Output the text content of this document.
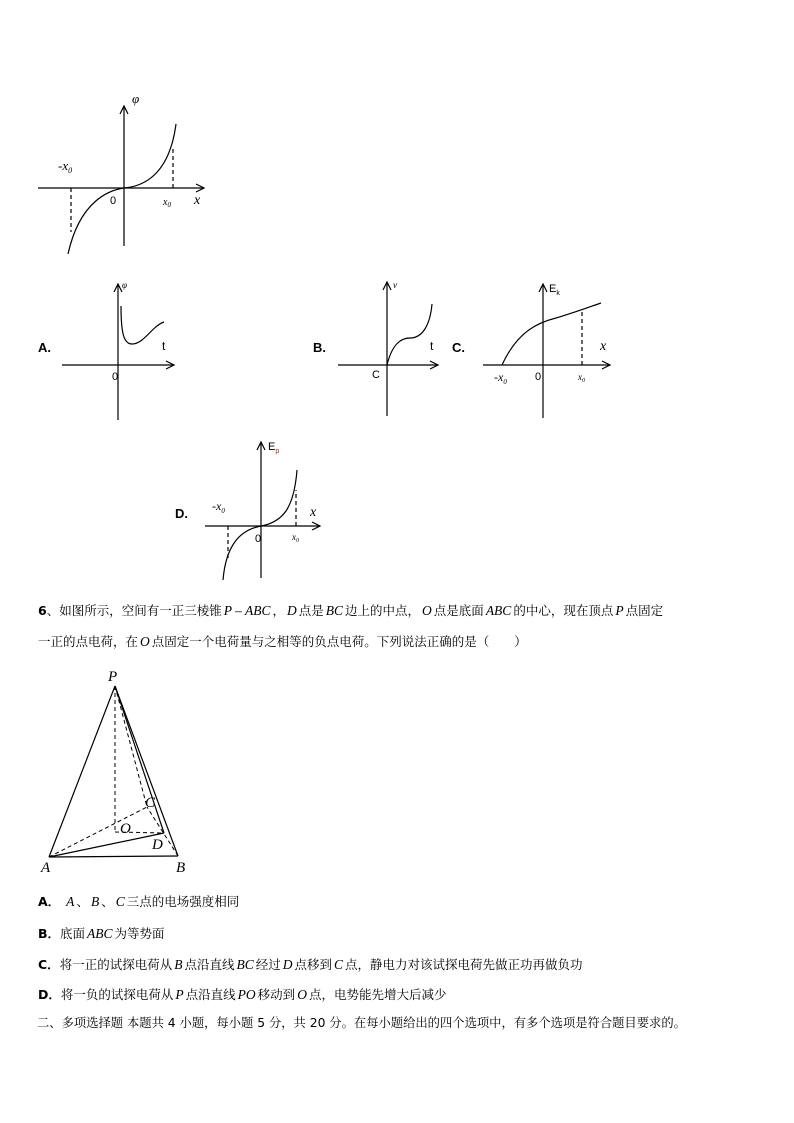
φ
x
0
$-x_0$
$x_0$
A.
φ
t
0
B.
v
t
C
C.
$E_k$
x
0
$-x_0$	$x_0$
D.
$E_p$
x
0
$-x_0$
$x_0$
6、如图所示，空间有一正三棱锥 P – ABC ， D 点是 BC 边上的中点， O 点是底面 ABC 的中心，现在顶点 P 点固定
一正的点电荷，在 O 点固定一个电荷量与之相等的负点电荷。下列说法正确的是（　　）
P
A	B
C
D
O
A． A 、 B 、 C 三点的电场强度相同
B．底面 ABC 为等势面
C．将一正的试探电荷从 B 点沿直线 BC 经过 D 点移到 C 点，静电力对该试探电荷先做正功再做负功
D．将一负的试探电荷从 P 点沿直线 PO 移动到 O 点，电势能先增大后减少
二、多项选择题 本题共 4 小题，每小题 5 分，共 20 分。在每小题给出的四个选项中，有多个选项是符合题目要求的。
